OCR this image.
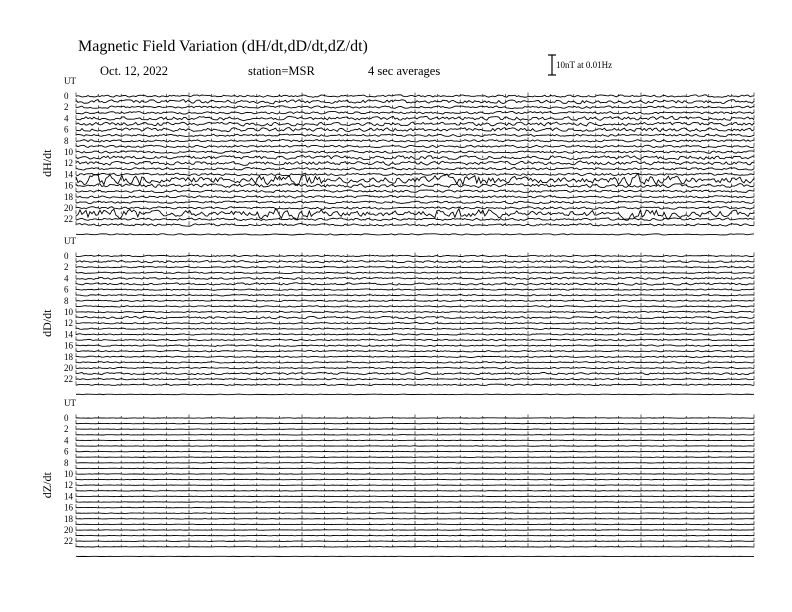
Magnetic Field Variation (dH/dt,dD/dt,dZ/dt)
Oct. 12, 2022	station=MSR	4 sec averages	10nT at 0.01Hz
UT
0
2
4
6
8
10
12
14
16
18
20
22
dH/dt
UT
0
2
4
6
8
10
12
14
16
18
20
22
dD/dt
UT
0
2
4
6
8
10
12
14
16
18
20
22
dZ/dt
